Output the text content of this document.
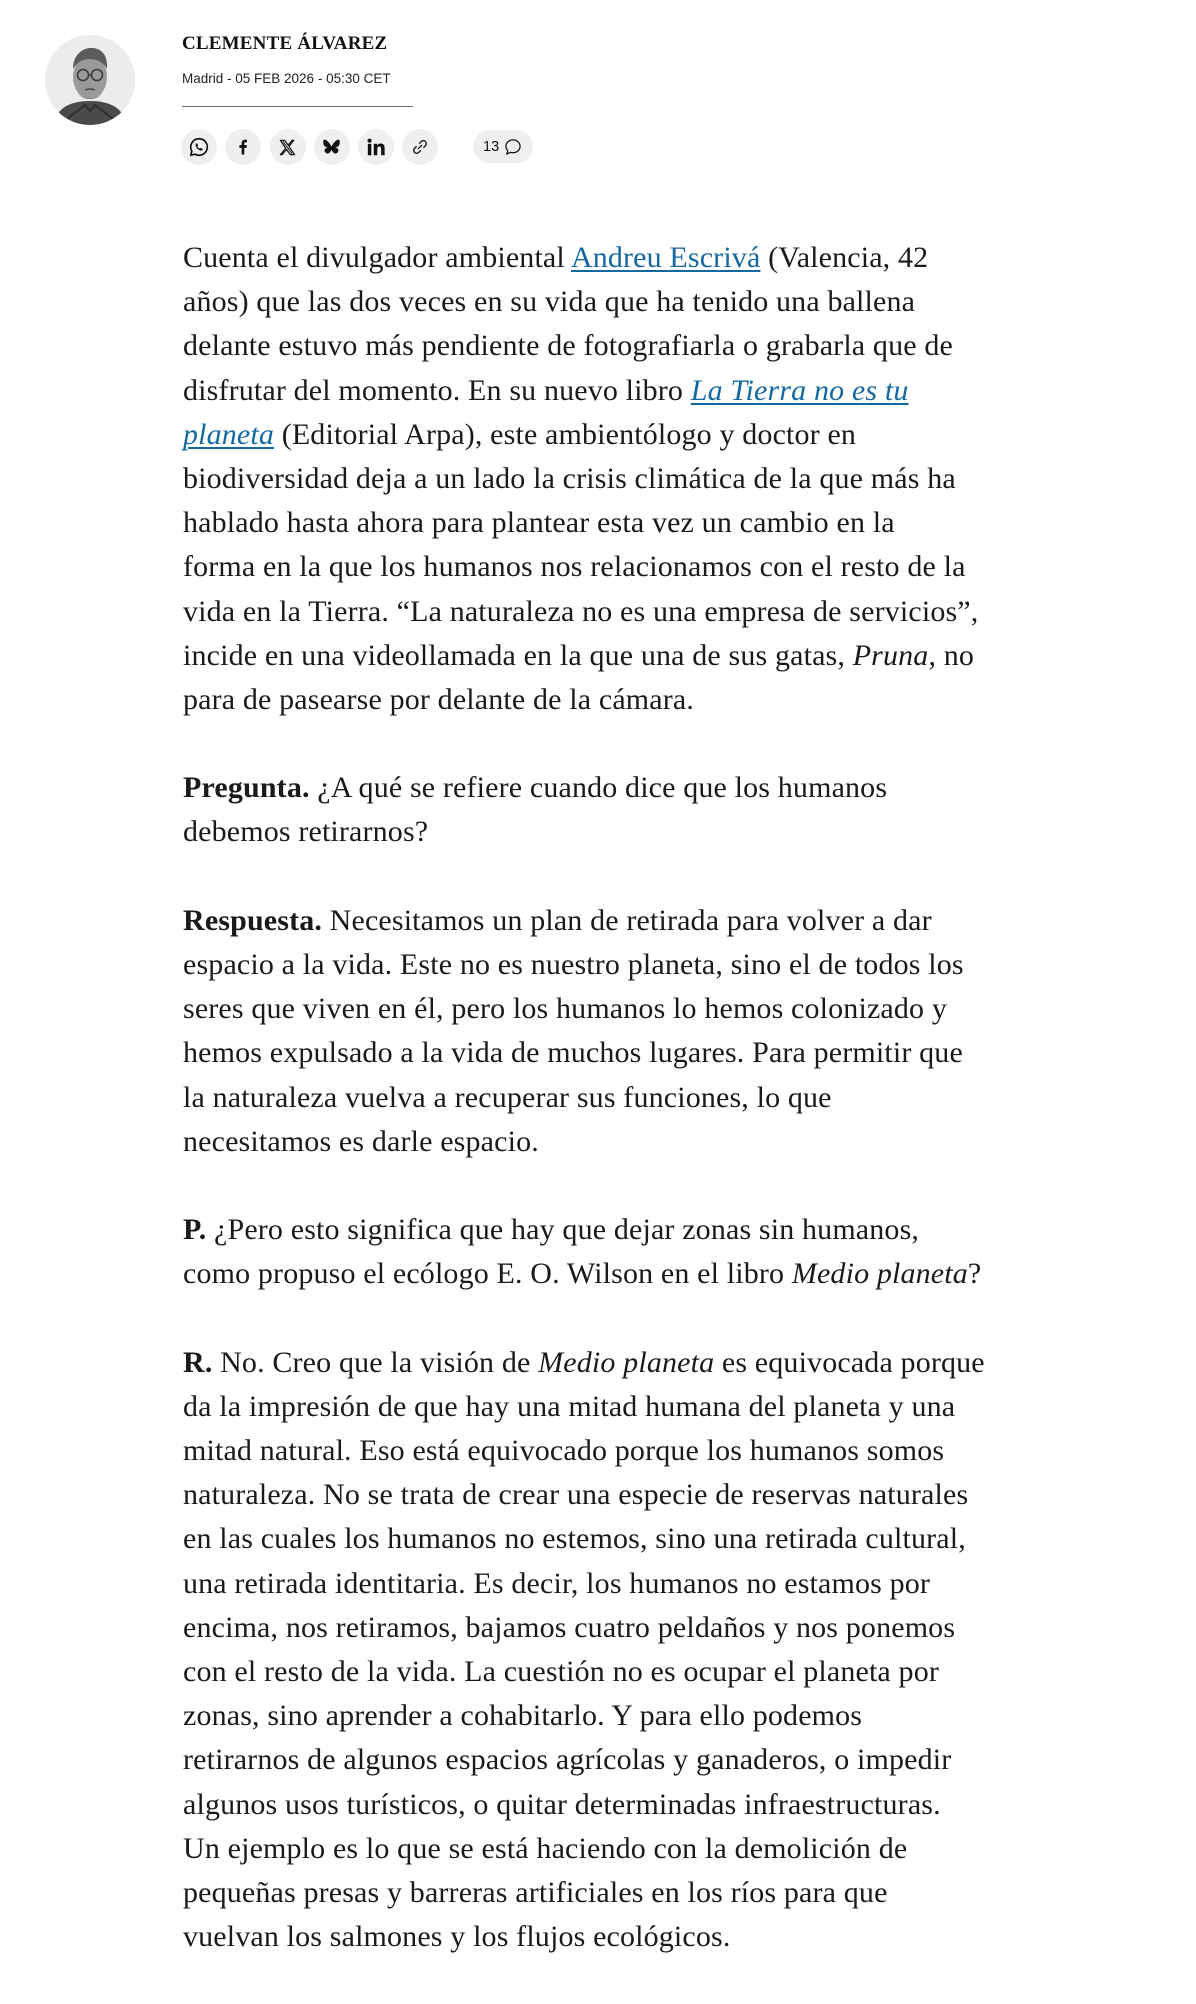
CLEMENTE ÁLVAREZ
Madrid - 05 FEB 2026 - 05:30 CET
13
Cuenta el divulgador ambiental Andreu Escrivá (Valencia, 42
años) que las dos veces en su vida que ha tenido una ballena
delante estuvo más pendiente de fotografiarla o grabarla que de
disfrutar del momento. En su nuevo libro La Tierra no es tu
planeta (Editorial Arpa), este ambientólogo y doctor en
biodiversidad deja a un lado la crisis climática de la que más ha
hablado hasta ahora para plantear esta vez un cambio en la
forma en la que los humanos nos relacionamos con el resto de la
vida en la Tierra. “La naturaleza no es una empresa de servicios”,
incide en una videollamada en la que una de sus gatas, Pruna, no
para de pasearse por delante de la cámara.
Pregunta. ¿A qué se refiere cuando dice que los humanos
debemos retirarnos?
Respuesta. Necesitamos un plan de retirada para volver a dar
espacio a la vida. Este no es nuestro planeta, sino el de todos los
seres que viven en él, pero los humanos lo hemos colonizado y
hemos expulsado a la vida de muchos lugares. Para permitir que
la naturaleza vuelva a recuperar sus funciones, lo que
necesitamos es darle espacio.
P. ¿Pero esto significa que hay que dejar zonas sin humanos,
como propuso el ecólogo E. O. Wilson en el libro Medio planeta?
R. No. Creo que la visión de Medio planeta es equivocada porque
da la impresión de que hay una mitad humana del planeta y una
mitad natural. Eso está equivocado porque los humanos somos
naturaleza. No se trata de crear una especie de reservas naturales
en las cuales los humanos no estemos, sino una retirada cultural,
una retirada identitaria. Es decir, los humanos no estamos por
encima, nos retiramos, bajamos cuatro peldaños y nos ponemos
con el resto de la vida. La cuestión no es ocupar el planeta por
zonas, sino aprender a cohabitarlo. Y para ello podemos
retirarnos de algunos espacios agrícolas y ganaderos, o impedir
algunos usos turísticos, o quitar determinadas infraestructuras.
Un ejemplo es lo que se está haciendo con la demolición de
pequeñas presas y barreras artificiales en los ríos para que
vuelvan los salmones y los flujos ecológicos.
